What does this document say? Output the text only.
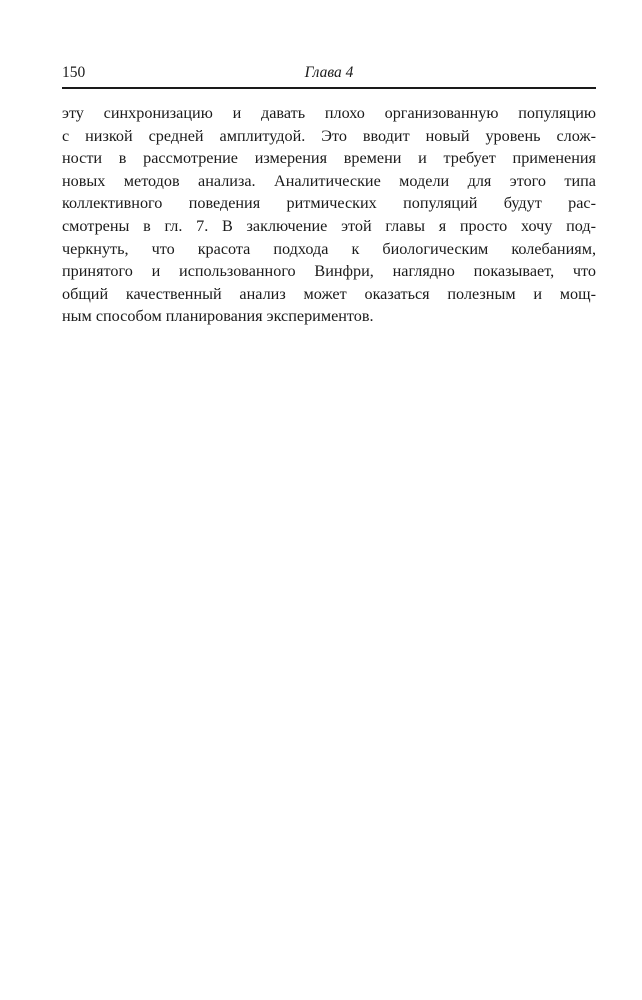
150	Глава 4
эту синхронизацию и давать плохо организованную популяцию
с низкой средней амплитудой. Это вводит новый уровень слож-
ности в рассмотрение измерения времени и требует применения
новых методов анализа. Аналитические модели для этого типа
коллективного поведения ритмических популяций будут рас-
смотрены в гл. 7. В заключение этой главы я просто хочу под-
черкнуть, что красота подхода к биологическим колебаниям,
принятого и использованного Винфри, наглядно показывает, что
общий качественный анализ может оказаться полезным и мощ-
ным способом планирования экспериментов.
